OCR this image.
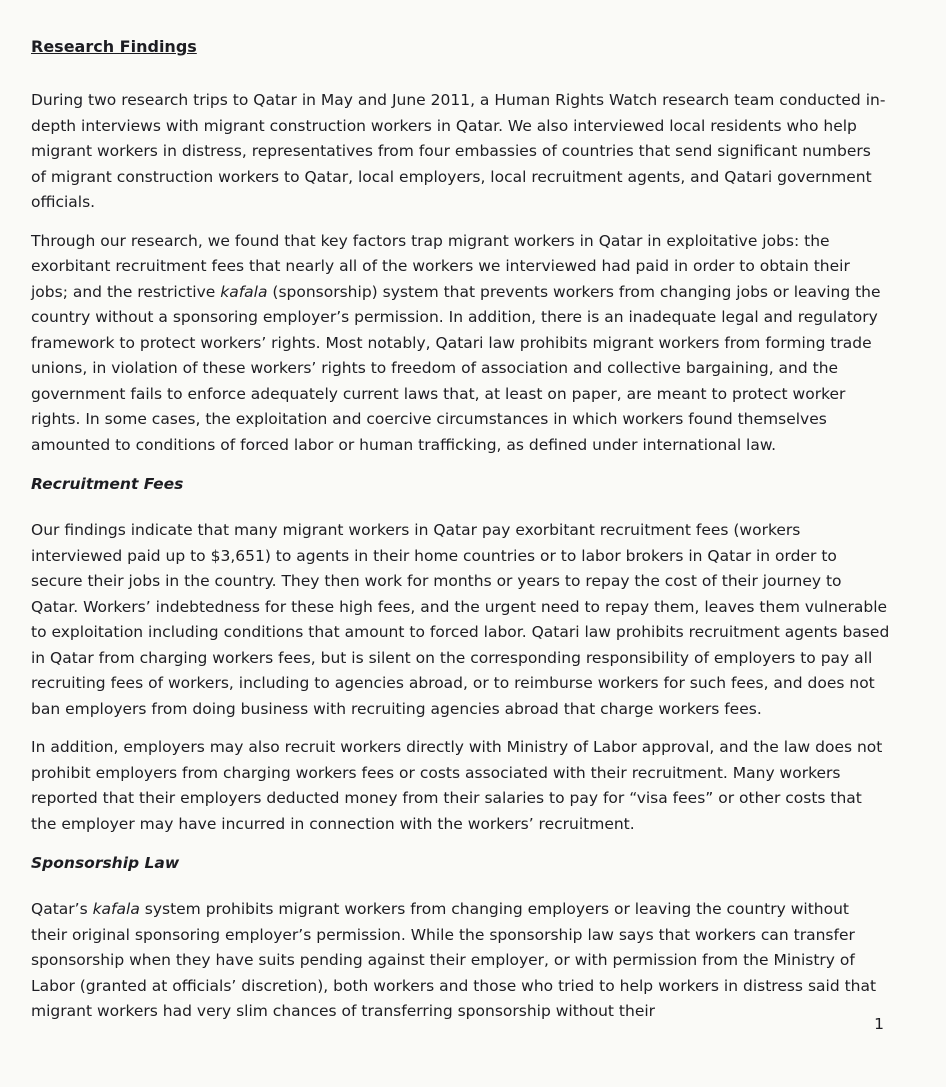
Research Findings

During two research trips to Qatar in May and June 2011, a Human Rights Watch research team conducted in-depth interviews with migrant construction workers in Qatar. We also interviewed local residents who help migrant workers in distress, representatives from four embassies of countries that send significant numbers of migrant construction workers to Qatar, local employers, local recruitment agents, and Qatari government officials.

Through our research, we found that key factors trap migrant workers in Qatar in exploitative jobs: the exorbitant recruitment fees that nearly all of the workers we interviewed had paid in order to obtain their jobs; and the restrictive kafala (sponsorship) system that prevents workers from changing jobs or leaving the country without a sponsoring employer’s permission. In addition, there is an inadequate legal and regulatory framework to protect workers’ rights. Most notably, Qatari law prohibits migrant workers from forming trade unions, in violation of these workers’ rights to freedom of association and collective bargaining, and the government fails to enforce adequately current laws that, at least on paper, are meant to protect worker rights. In some cases, the exploitation and coercive circumstances in which workers found themselves amounted to conditions of forced labor or human trafficking, as defined under international law.

Recruitment Fees

Our findings indicate that many migrant workers in Qatar pay exorbitant recruitment fees (workers interviewed paid up to $3,651) to agents in their home countries or to labor brokers in Qatar in order to secure their jobs in the country. They then work for months or years to repay the cost of their journey to Qatar. Workers’ indebtedness for these high fees, and the urgent need to repay them, leaves them vulnerable to exploitation including conditions that amount to forced labor. Qatari law prohibits recruitment agents based in Qatar from charging workers fees, but is silent on the corresponding responsibility of employers to pay all recruiting fees of workers, including to agencies abroad, or to reimburse workers for such fees, and does not ban employers from doing business with recruiting agencies abroad that charge workers fees.

In addition, employers may also recruit workers directly with Ministry of Labor approval, and the law does not prohibit employers from charging workers fees or costs associated with their recruitment. Many workers reported that their employers deducted money from their salaries to pay for “visa fees” or other costs that the employer may have incurred in connection with the workers’ recruitment.

Sponsorship Law

Qatar’s kafala system prohibits migrant workers from changing employers or leaving the country without their original sponsoring employer’s permission. While the sponsorship law says that workers can transfer sponsorship when they have suits pending against their employer, or with permission from the Ministry of Labor (granted at officials’ discretion), both workers and those who tried to help workers in distress said that migrant workers had very slim chances of transferring sponsorship without their

1
